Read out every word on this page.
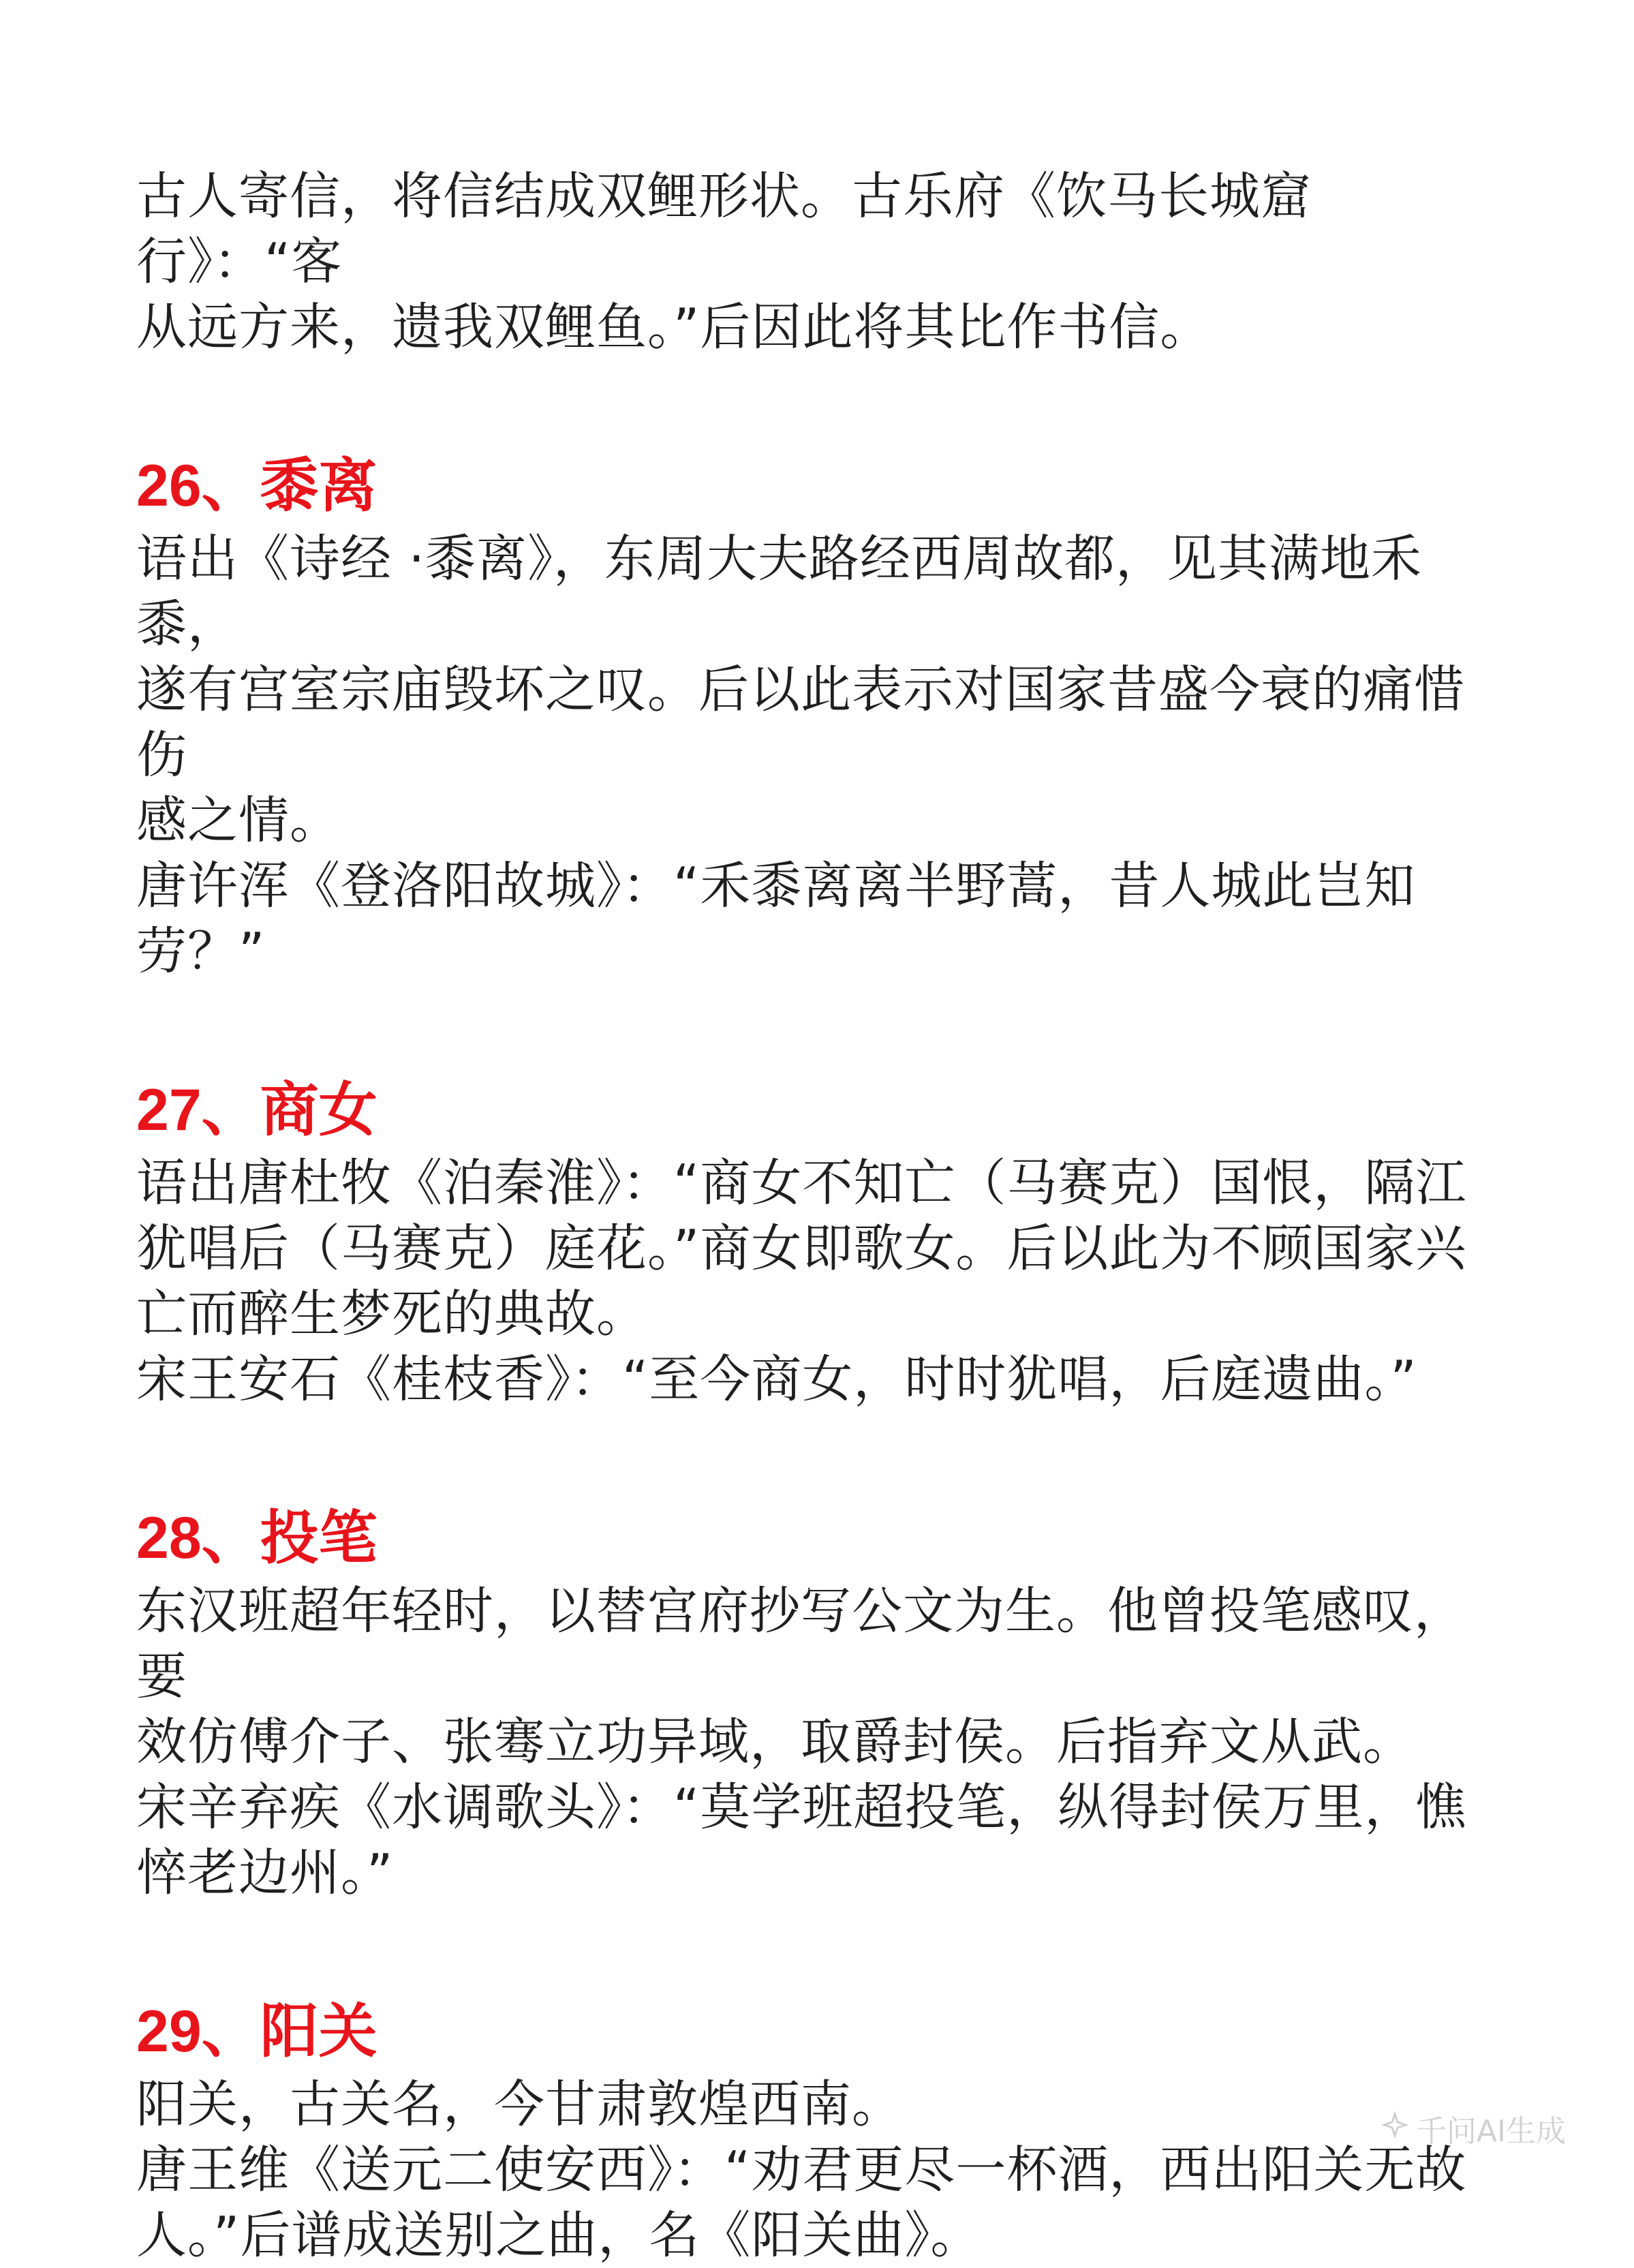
古人寄信，将信结成双鲤形状。古乐府《饮马长城窟行》：“客

从远方来，遗我双鲤鱼。”后因此将其比作书信。

26、黍离

语出《诗经 ·黍离》，东周大夫路经西周故都，见其满地禾黍，

遂有宫室宗庙毁坏之叹。后以此表示对国家昔盛今衰的痛惜伤

感之情。

唐许浑《登洛阳故城》：“禾黍离离半野蒿，昔人城此岂知劳？”

27、商女

语出唐杜牧《泊秦淮》：“商女不知亡（马赛克）国恨，隔江

犹唱后（马赛克）庭花。”商女即歌女。后以此为不顾国家兴

亡而醉生梦死的典故。

宋王安石《桂枝香》：“至今商女，时时犹唱，后庭遗曲。”

28、投笔

东汉班超年轻时，以替宫府抄写公文为生。他曾投笔感叹，要

效仿傅介子、张骞立功异域，取爵封侯。后指弃文从武。

宋辛弃疾《水调歌头》：“莫学班超投笔，纵得封侯万里，憔

悴老边州。”

29、阳关

阳关，古关名，今甘肃敦煌西南。

唐王维《送元二使安西》：“劝君更尽一杯酒，西出阳关无故

人。”后谱成送别之曲，名《阳关曲》。

千问AI生成
